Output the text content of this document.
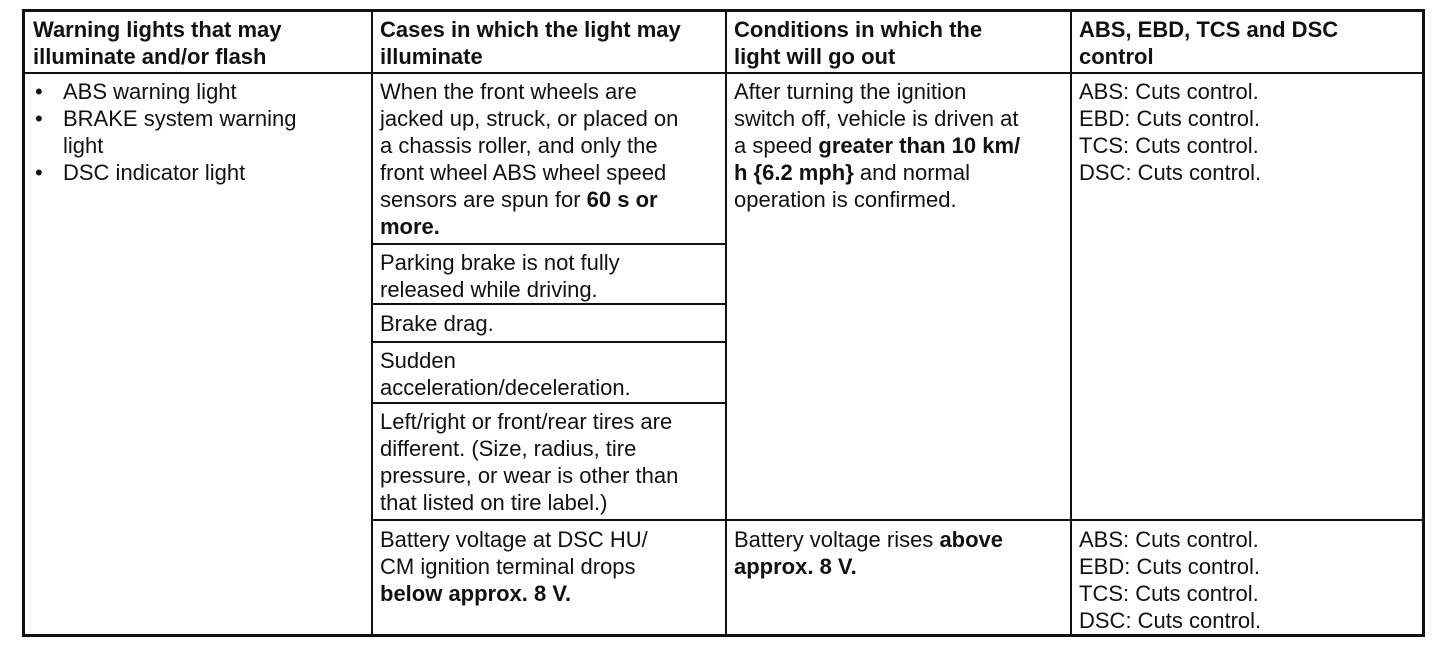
Warning lights that may
illuminate and/or flash
Cases in which the light may
illuminate
Conditions in which the
light will go out
ABS, EBD, TCS and DSC
control
• ABS warning light
• BRAKE system warning
light
• DSC indicator light
When the front wheels are
jacked up, struck, or placed on
a chassis roller, and only the
front wheel ABS wheel speed
sensors are spun for 60 s or
more.
Parking brake is not fully
released while driving.
Brake drag.
Sudden
acceleration/deceleration.
Left/right or front/rear tires are
different. (Size, radius, tire
pressure, or wear is other than
that listed on tire label.)
Battery voltage at DSC HU/
CM ignition terminal drops
below approx. 8 V.
After turning the ignition
switch off, vehicle is driven at
a speed greater than 10 km/
h {6.2 mph} and normal
operation is confirmed.
Battery voltage rises above
approx. 8 V.
ABS: Cuts control.
EBD: Cuts control.
TCS: Cuts control.
DSC: Cuts control.
ABS: Cuts control.
EBD: Cuts control.
TCS: Cuts control.
DSC: Cuts control.
